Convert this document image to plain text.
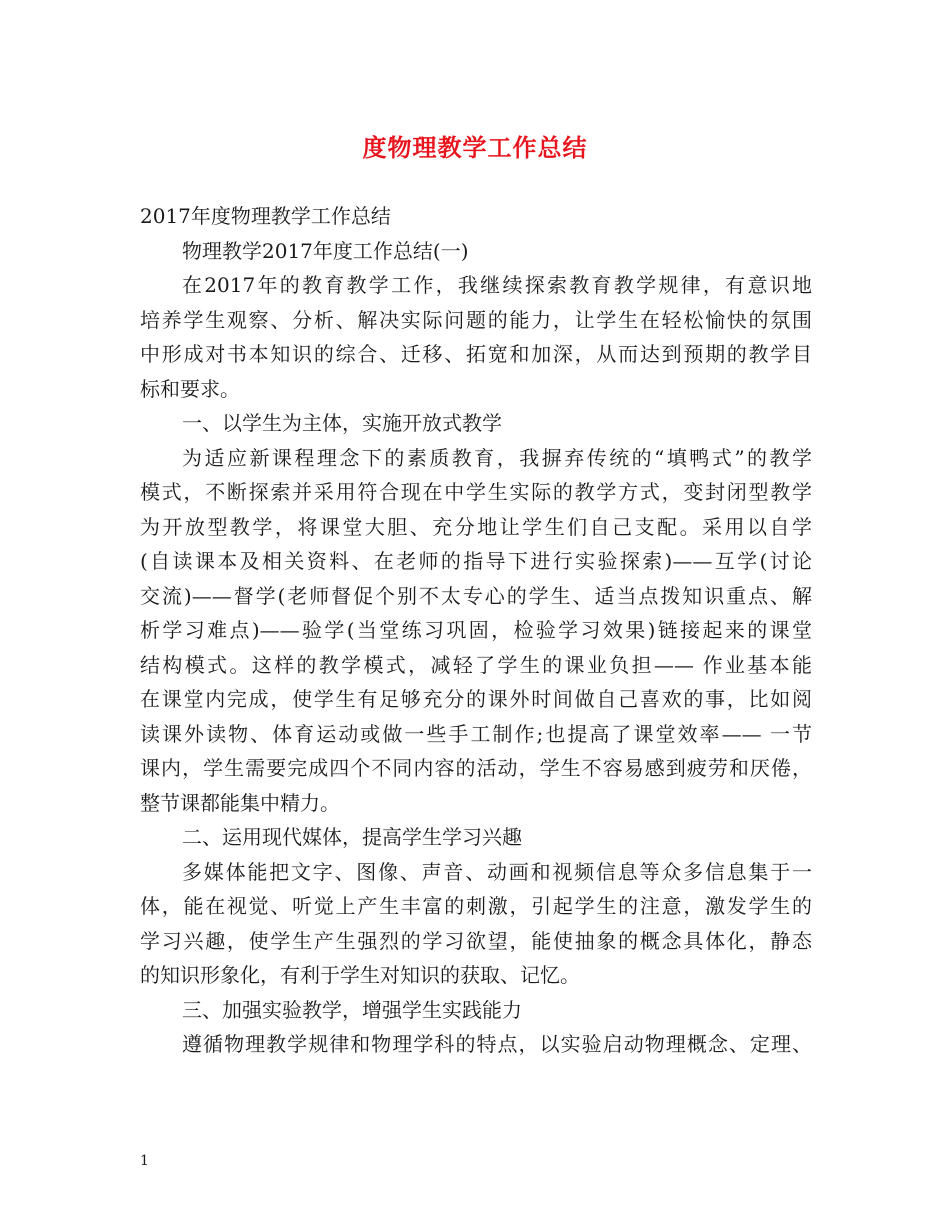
度物理教学工作总结
2017年度物理教学工作总结
物理教学2017年度工作总结(一)
在2017年的教育教学工作，我继续探索教育教学规律，有意识地
培养学生观察、分析、解决实际问题的能力，让学生在轻松愉快的氛围
中形成对书本知识的综合、迁移、拓宽和加深，从而达到预期的教学目
标和要求。
一、以学生为主体，实施开放式教学
为适应新课程理念下的素质教育，我摒弃传统的“填鸭式”的教学
模式，不断探索并采用符合现在中学生实际的教学方式，变封闭型教学
为开放型教学，将课堂大胆、充分地让学生们自己支配。采用以自学
(自读课本及相关资料、在老师的指导下进行实验探索)——互学(讨论
交流)——督学(老师督促个别不太专心的学生、适当点拨知识重点、解
析学习难点)——验学(当堂练习巩固，检验学习效果)链接起来的课堂
结构模式。这样的教学模式，减轻了学生的课业负担—— 作业基本能
在课堂内完成，使学生有足够充分的课外时间做自己喜欢的事，比如阅
读课外读物、体育运动或做一些手工制作;也提高了课堂效率—— 一节
课内，学生需要完成四个不同内容的活动，学生不容易感到疲劳和厌倦，
整节课都能集中精力。
二、运用现代媒体，提高学生学习兴趣
多媒体能把文字、图像、声音、动画和视频信息等众多信息集于一
体，能在视觉、听觉上产生丰富的刺激，引起学生的注意，激发学生的
学习兴趣，使学生产生强烈的学习欲望，能使抽象的概念具体化，静态
的知识形象化，有利于学生对知识的获取、记忆。
三、加强实验教学，增强学生实践能力
遵循物理教学规律和物理学科的特点，以实验启动物理概念、定理、
1
